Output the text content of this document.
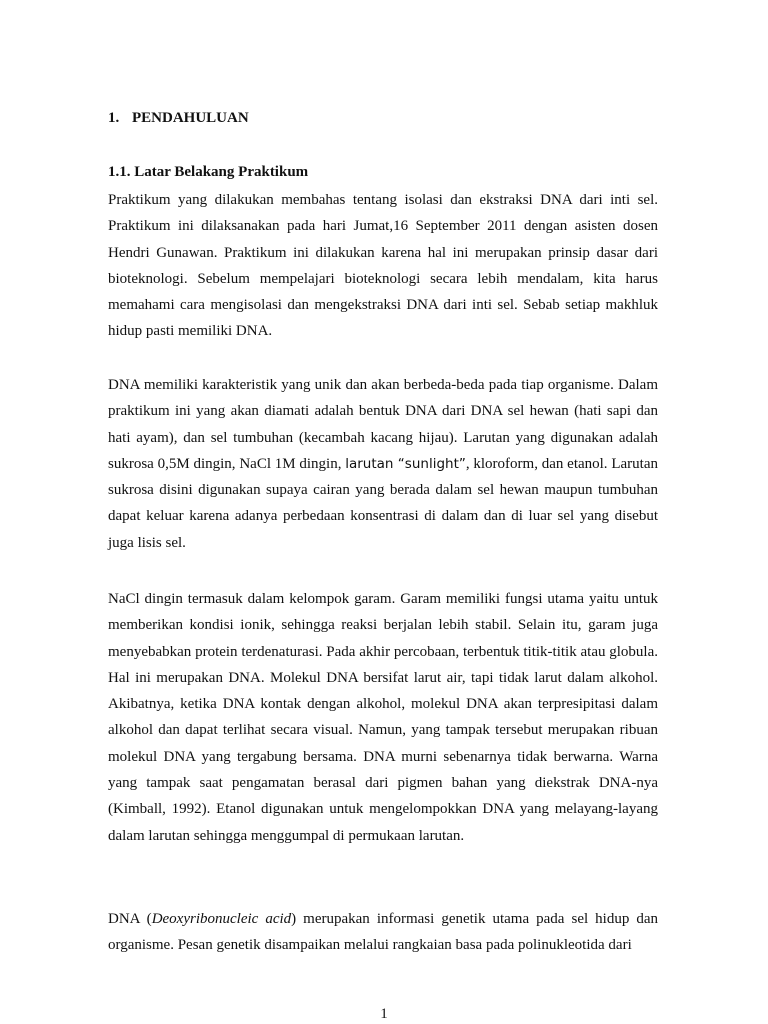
1. PENDAHULUAN
1.1. Latar Belakang Praktikum

Praktikum yang dilakukan membahas tentang isolasi dan ekstraksi DNA dari inti sel. Praktikum ini dilaksanakan pada hari Jumat,16 September 2011 dengan asisten dosen Hendri Gunawan. Praktikum ini dilakukan karena hal ini merupakan prinsip dasar dari bioteknologi. Sebelum mempelajari bioteknologi secara lebih mendalam, kita harus memahami cara mengisolasi dan mengekstraksi DNA dari inti sel. Sebab setiap makhluk hidup pasti memiliki DNA.

DNA memiliki karakteristik yang unik dan akan berbeda-beda pada tiap organisme. Dalam praktikum ini yang akan diamati adalah bentuk DNA dari DNA sel hewan (hati sapi dan hati ayam), dan sel tumbuhan (kecambah kacang hijau). Larutan yang digunakan adalah sukrosa 0,5M dingin, NaCl 1M dingin, larutan “sunlight”, kloroform, dan etanol. Larutan sukrosa disini digunakan supaya cairan yang berada dalam sel hewan maupun tumbuhan dapat keluar karena adanya perbedaan konsentrasi di dalam dan di luar sel yang disebut juga lisis sel.

NaCl dingin termasuk dalam kelompok garam. Garam memiliki fungsi utama yaitu untuk memberikan kondisi ionik, sehingga reaksi berjalan lebih stabil. Selain itu, garam juga menyebabkan protein terdenaturasi. Pada akhir percobaan, terbentuk titik-titik atau globula. Hal ini merupakan DNA. Molekul DNA bersifat larut air, tapi tidak larut dalam alkohol. Akibatnya, ketika DNA kontak dengan alkohol, molekul DNA akan terpresipitasi dalam alkohol dan dapat terlihat secara visual. Namun, yang tampak tersebut merupakan ribuan molekul DNA yang tergabung bersama. DNA murni sebenarnya tidak berwarna. Warna yang tampak saat pengamatan berasal dari pigmen bahan yang diekstrak DNA-nya (Kimball, 1992). Etanol digunakan untuk mengelompokkan DNA yang melayang-layang dalam larutan sehingga menggumpal di permukaan larutan.

DNA (Deoxyribonucleic acid) merupakan informasi genetik utama pada sel hidup dan organisme. Pesan genetik disampaikan melalui rangkaian basa pada polinukleotida dari

1
